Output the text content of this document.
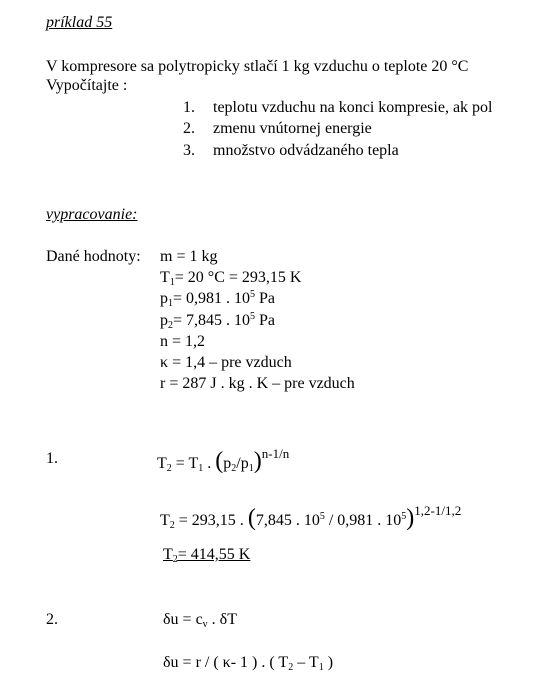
príklad 55
V kompresore sa polytropicky stlačí 1 kg vzduchu o teplote 20 °C
Vypočítajte :
1. teplotu vzduchu na konci kompresie, ak pol
2. zmenu vnútornej energie
3. množstvo odvádzaného tepla
vypracovanie:
Dané hodnoty: m = 1 kg
$T_1= 20$ °C = 293,15 K
$p_1= 0,981$ . $10^5$ Pa
$p_2= 7,845$ . $10^5$ Pa
n = 1,2
κ = 1,4 – pre vzduch
r = 287 J . kg . K – pre vzduch
1.	$T_2 = T_1$ . $(p_2/p_1)^{n-1/n}$
$T_2 = 293,15$ . (7,845 . $10^5 / 0,981$ . $10^5)^{1,2-1/1,2}$
$T_2= 414,55$ K
2.	$\delta u = c_v$ . δT
δu = r / ( κ- 1 ) . ( $T_2 - T_1$ )
